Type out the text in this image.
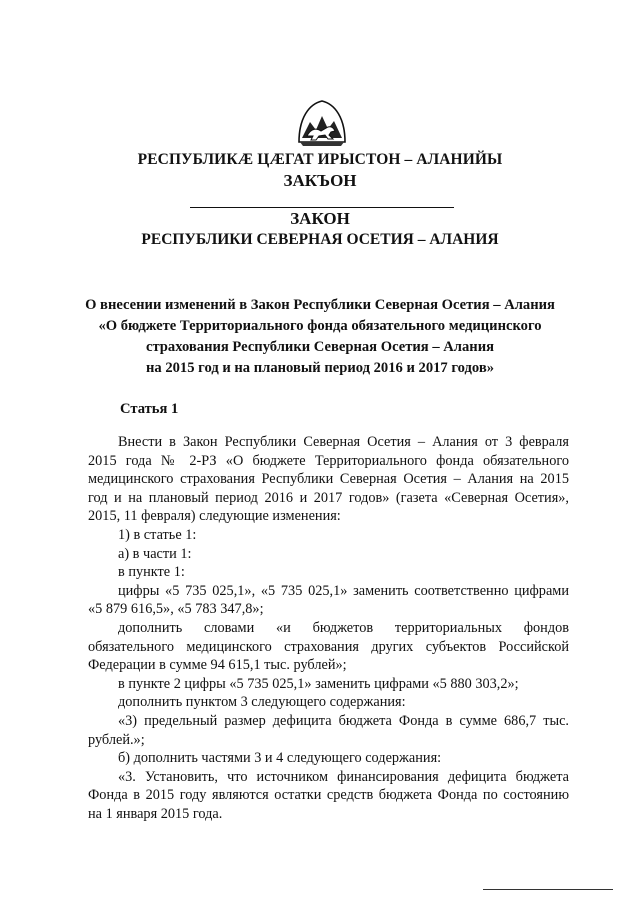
РЕСПУБЛИКӔ ЦӔГАТ ИРЫСТОН – АЛАНИЙЫ
ЗАКЪОН
ЗАКОН
РЕСПУБЛИКИ СЕВЕРНАЯ ОСЕТИЯ – АЛАНИЯ
О внесении изменений в Закон Республики Северная Осетия – Алания
«О бюджете Территориального фонда обязательного медицинского
страхования Республики Северная Осетия – Алания
на 2015 год и на плановый период 2016 и 2017 годов»
Статья 1
Внести в Закон Республики Северная Осетия – Алания от 3 февраля
2015 года № 2-РЗ «О бюджете Территориального фонда обязательного
медицинского страхования Республики Северная Осетия – Алания на 2015
год и на плановый период 2016 и 2017 годов» (газета «Северная Осетия»,
2015, 11 февраля) следующие изменения:
1) в статье 1:
а) в части 1:
в пункте 1:
цифры «5 735 025,1», «5 735 025,1» заменить соответственно цифрами
«5 879 616,5», «5 783 347,8»;
дополнить словами «и бюджетов территориальных фондов
обязательного медицинского страхования других субъектов Российской
Федерации в сумме 94 615,1 тыс. рублей»;
в пункте 2 цифры «5 735 025,1» заменить цифрами «5 880 303,2»;
дополнить пунктом 3 следующего содержания:
«3) предельный размер дефицита бюджета Фонда в сумме 686,7 тыс.
рублей.»;
б) дополнить частями 3 и 4 следующего содержания:
«3. Установить, что источником финансирования дефицита бюджета
Фонда в 2015 году являются остатки средств бюджета Фонда по состоянию
на 1 января 2015 года.
